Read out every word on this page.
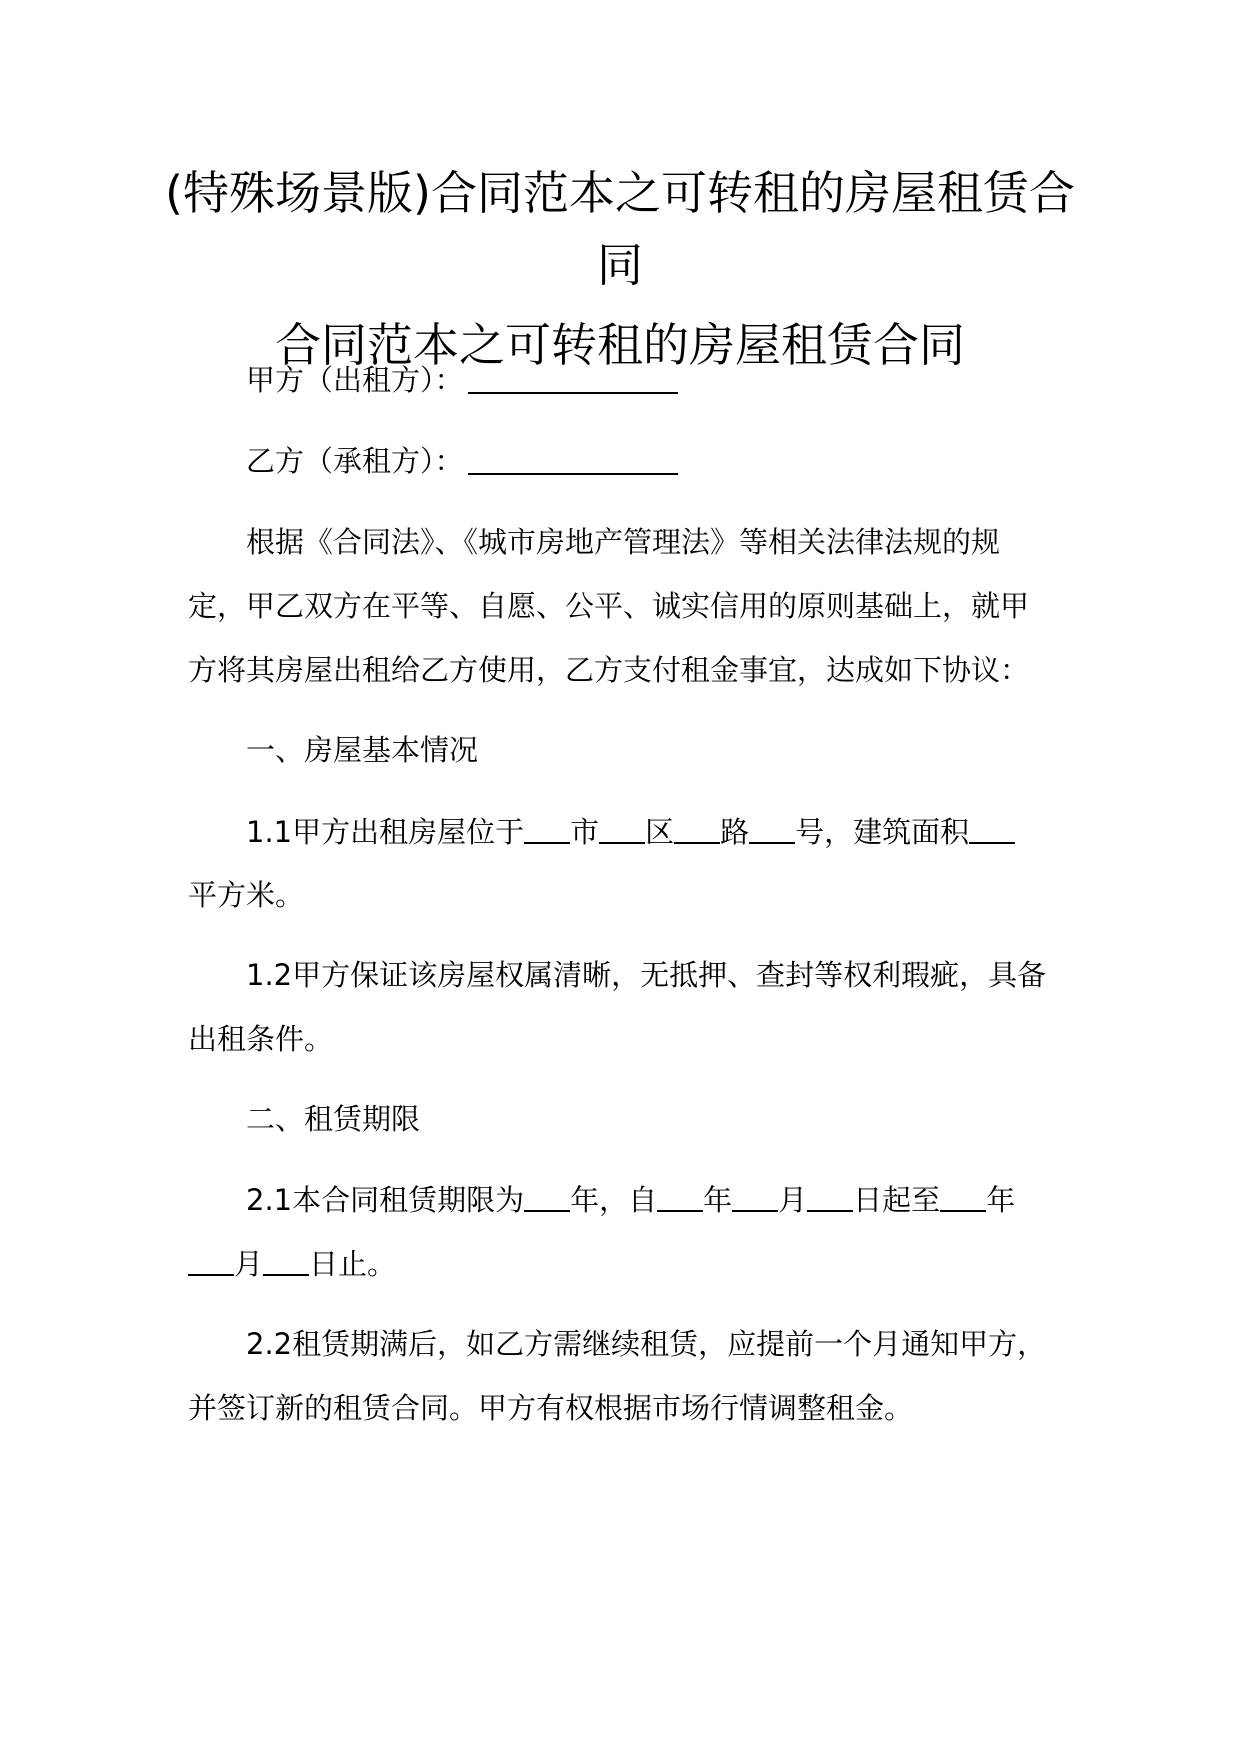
(特殊场景版)合同范本之可转租的房屋租赁合
同
合同范本之可转租的房屋租赁合同

甲方（出租方）：

乙方（承租方）：

根据《合同法》、《城市房地产管理法》等相关法律法规的规

定，甲乙双方在平等、自愿、公平、诚实信用的原则基础上，就甲

方将其房屋出租给乙方使用，乙方支付租金事宜，达成如下协议：

一、房屋基本情况

1.1甲方出租房屋位于 市 区 路 号，建筑面积

平方米。

1.2甲方保证该房屋权属清晰，无抵押、查封等权利瑕疵，具备

出租条件。

二、租赁期限

2.1本合同租赁期限为 年，自 年 月 日起至 年

月 日止。

2.2租赁期满后，如乙方需继续租赁，应提前一个月通知甲方，

并签订新的租赁合同。甲方有权根据市场行情调整租金。
